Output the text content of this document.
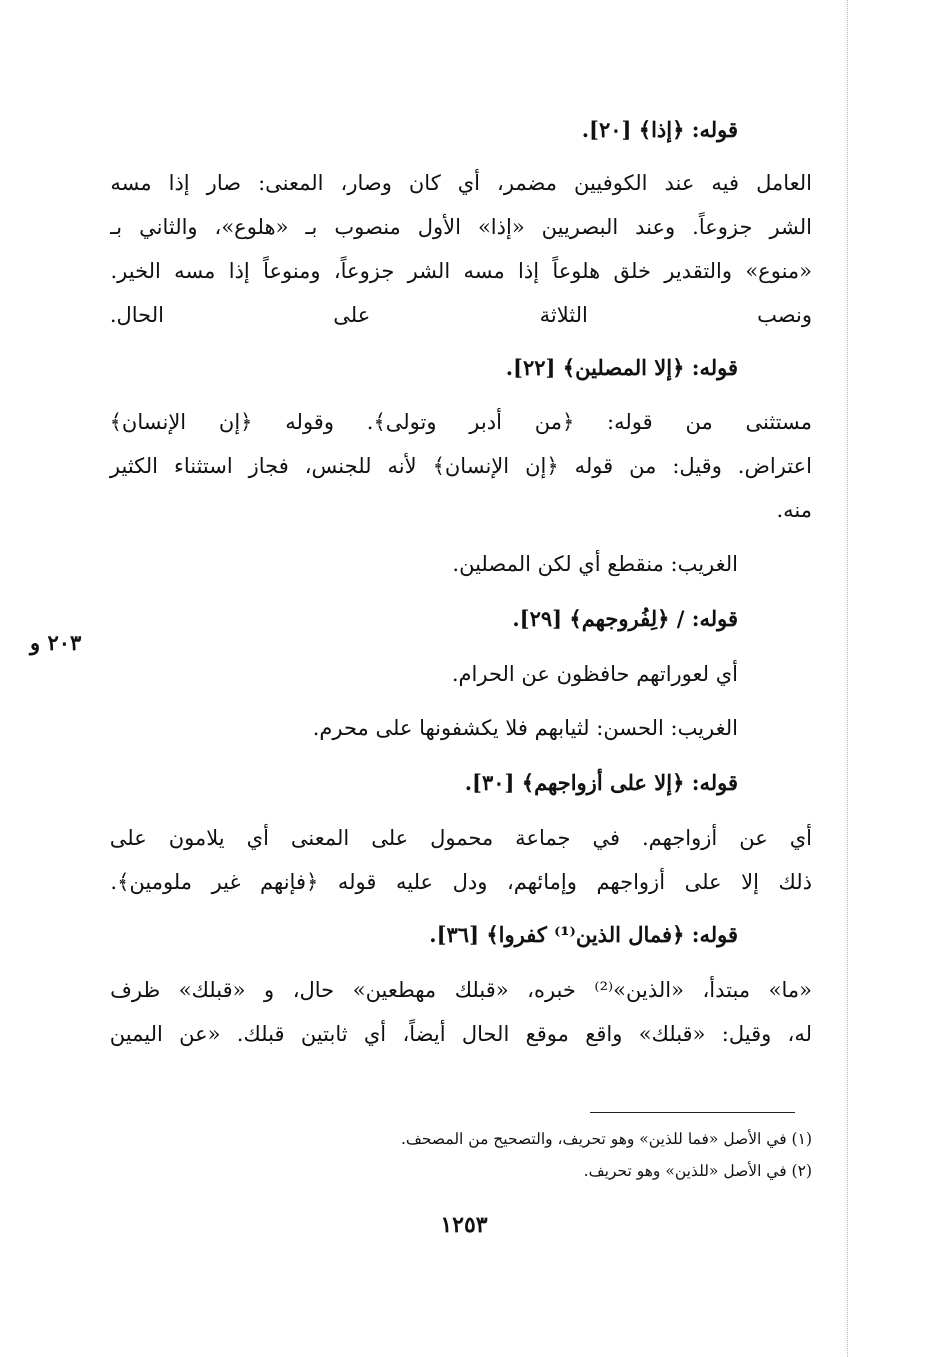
۲۰۳ و
قوله: ﴿إذا﴾ [٢٠].
العامل فيه عند الكوفيين مضمر، أي كان وصار، المعنى: صار إذا مسه
الشر جزوعاً. وعند البصريين «إذا» الأول منصوب بـ «هلوع»، والثاني بـ
«منوع» والتقدير خلق هلوعاً إذا مسه الشر جزوعاً، ومنوعاً إذا مسه الخير.
ونصب الثلاثة على الحال.
قوله: ﴿إلا المصلين﴾ [٢٢].
مستثنى من قوله: ﴿من أدبر وتولى﴾. وقوله ﴿إن الإنسان﴾
اعتراض. وقيل: من قوله ﴿إن الإنسان﴾ لأنه للجنس، فجاز استثناء الكثير
منه.
الغريب: منقطع أي لكن المصلين.
قوله: / ﴿لِفُروجهم﴾ [٢٩].
أي لعوراتهم حافظون عن الحرام.
الغريب: الحسن: لثيابهم فلا يكشفونها على محرم.
قوله: ﴿إلا على أزواجهم﴾ [٣٠].
أي عن أزواجهم. في جماعة محمول على المعنى أي يلامون على
ذلك إلا على أزواجهم وإمائهم، ودل عليه قوله ﴿فإنهم غير ملومين﴾.
قوله: ﴿فمال الذين⁽¹⁾ كفروا﴾ [٣٦].
«ما» مبتدأ، «الذين»⁽²⁾ خبره، «قبلك مهطعين» حال، و «قبلك» ظرف
له، وقيل: «قبلك» واقع موقع الحال أيضاً، أي ثابتين قبلك. «عن اليمين
(١) في الأصل «فما للذين» وهو تحريف، والتصحيح من المصحف.
(٢) في الأصل «للذين» وهو تحريف.
١٢٥٣
